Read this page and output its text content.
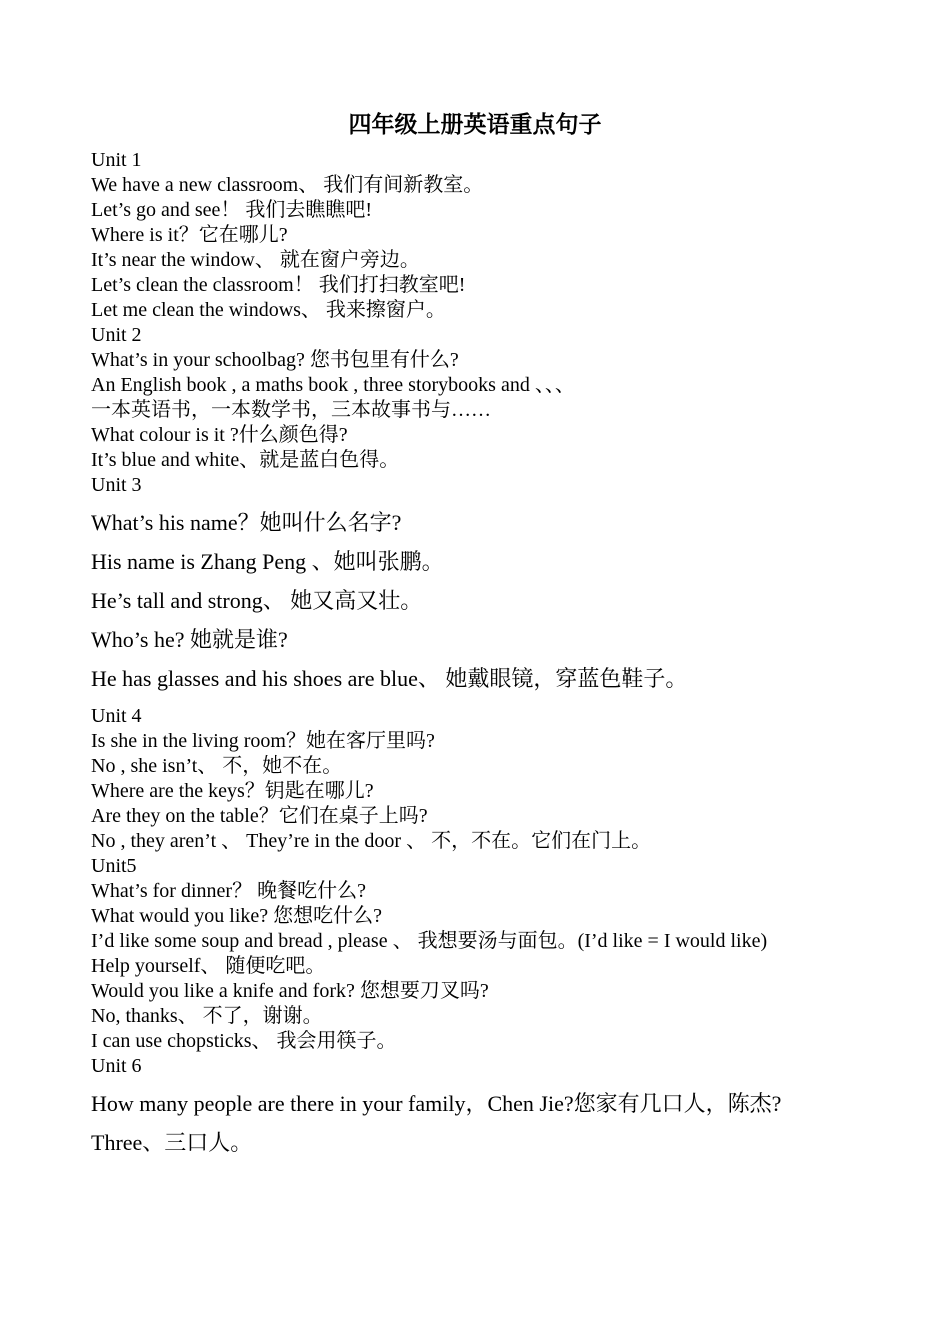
四年级上册英语重点句子
Unit 1
We have a new classroom、 我们有间新教室。
Let’s go and see！ 我们去瞧瞧吧!
Where is it？它在哪儿?
It’s near the window、 就在窗户旁边。
Let’s clean the classroom！ 我们打扫教室吧!
Let me clean the windows、 我来擦窗户。
Unit 2
What’s in your schoolbag? 您书包里有什么?
An English book , a maths book , three storybooks and 、、、
一本英语书，一本数学书，三本故事书与……
What colour is it ?什么颜色得?
It’s blue and white、就是蓝白色得。
Unit 3
What’s his name？她叫什么名字?
His name is Zhang Peng 、她叫张鹏。
He’s tall and strong、 她又高又壮。
Who’s he? 她就是谁?
He has glasses and his shoes are blue、 她戴眼镜，穿蓝色鞋子。
Unit 4
Is she in the living room？她在客厅里吗?
No , she isn’t、 不，她不在。
Where are the keys？钥匙在哪儿?
Are they on the table？它们在桌子上吗?
No , they aren’t 、 They’re in the door 、 不，不在。它们在门上。
Unit5
What’s for dinner？ 晚餐吃什么?
What would you like? 您想吃什么?
I’d like some soup and bread , please 、 我想要汤与面包。(I’d like = I would like)
Help yourself、 随便吃吧。
Would you like a knife and fork? 您想要刀叉吗?
No, thanks、 不了，谢谢。
I can use chopsticks、 我会用筷子。
Unit 6
How many people are there in your family，Chen Jie?您家有几口人，陈杰?
Three、三口人。
